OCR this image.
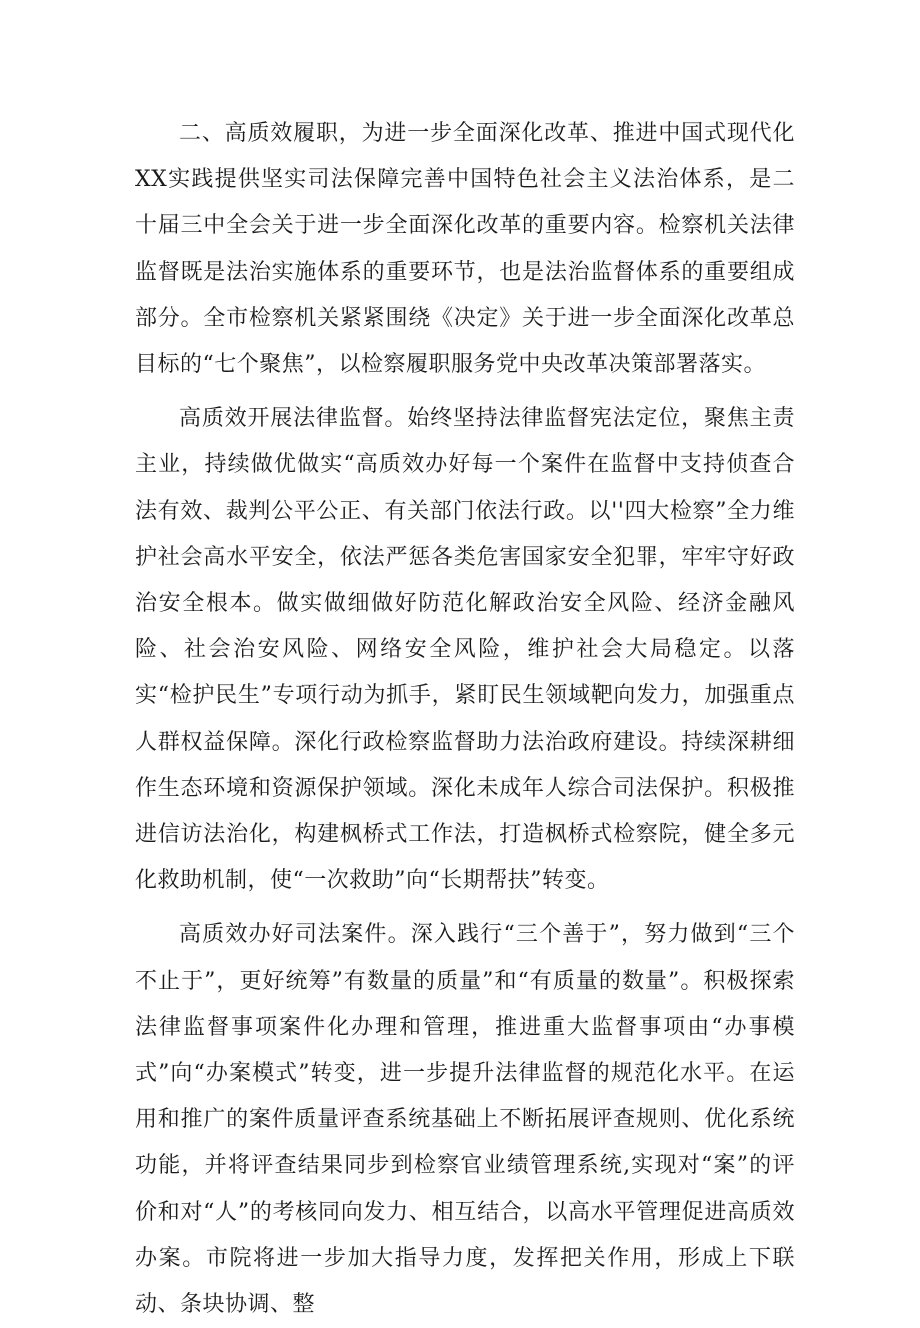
二、高质效履职，为进一步全面深化改革、推进中国式现代化XX实践提供坚实司法保障完善中国特色社会主义法治体系，是二十届三中全会关于进一步全面深化改革的重要内容。检察机关法律监督既是法治实施体系的重要环节，也是法治监督体系的重要组成部分。全市检察机关紧紧围绕《决定》关于进一步全面深化改革总目标的“七个聚焦”，以检察履职服务党中央改革决策部署落实。

高质效开展法律监督。始终坚持法律监督宪法定位，聚焦主责主业，持续做优做实“高质效办好每一个案件在监督中支持侦查合法有效、裁判公平公正、有关部门依法行政。以''四大检察”全力维护社会高水平安全，依法严惩各类危害国家安全犯罪，牢牢守好政治安全根本。做实做细做好防范化解政治安全风险、经济金融风险、社会治安风险、网络安全风险，维护社会大局稳定。以落实“检护民生”专项行动为抓手，紧盯民生领域靶向发力，加强重点人群权益保障。深化行政检察监督助力法治政府建设。持续深耕细作生态环境和资源保护领域。深化未成年人综合司法保护。积极推进信访法治化，构建枫桥式工作法，打造枫桥式检察院，健全多元化救助机制，使“一次救助”向“长期帮扶”转变。

高质效办好司法案件。深入践行“三个善于”，努力做到“三个不止于”，更好统筹”有数量的质量”和“有质量的数量”。积极探索法律监督事项案件化办理和管理，推进重大监督事项由“办事模式”向“办案模式”转变，进一步提升法律监督的规范化水平。在运用和推广的案件质量评查系统基础上不断拓展评查规则、优化系统功能，并将评查结果同步到检察官业绩管理系统,实现对“案”的评价和对“人”的考核同向发力、相互结合，以高水平管理促进高质效办案。市院将进一步加大指导力度，发挥把关作用，形成上下联动、条块协调、整
